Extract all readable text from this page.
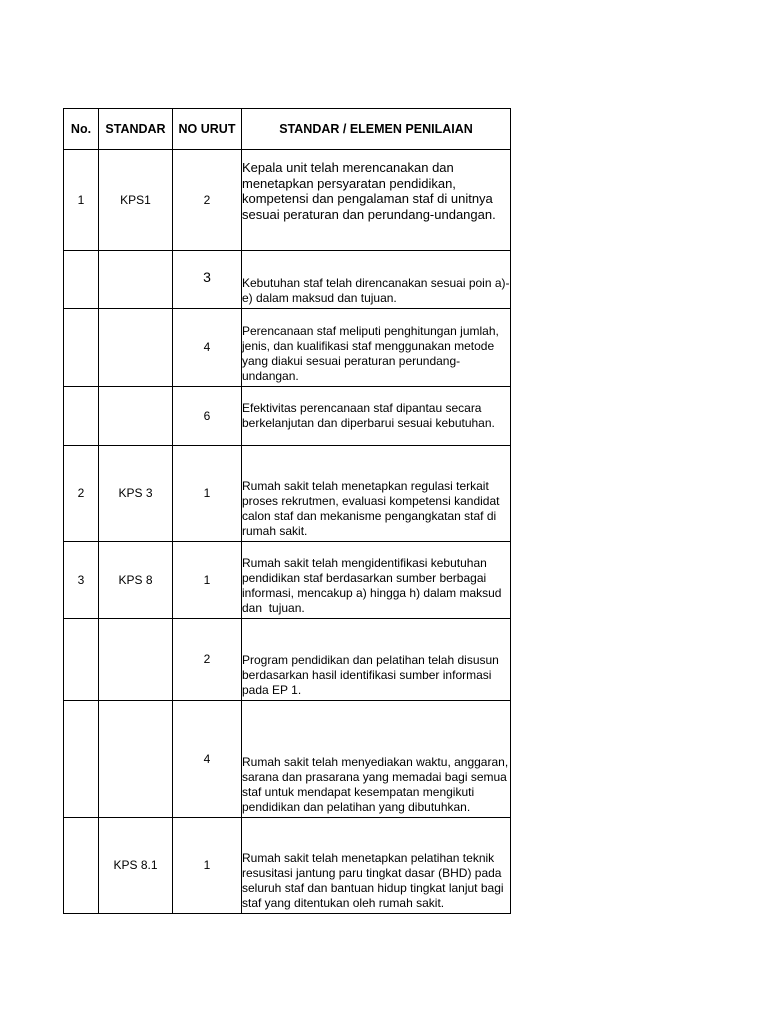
No.	STANDAR	NO URUT	STANDAR / ELEMEN PENILAIAN
1	KPS1	2	Kepala unit telah merencanakan dan menetapkan persyaratan pendidikan, kompetensi dan pengalaman staf di unitnya sesuai peraturan dan perundang-undangan.
		3	Kebutuhan staf telah direncanakan sesuai poin a)- e) dalam maksud dan tujuan.
		4	Perencanaan staf meliputi penghitungan jumlah, jenis, dan kualifikasi staf menggunakan metode yang diakui sesuai peraturan perundang-undangan.
		6	Efektivitas perencanaan staf dipantau secara berkelanjutan dan diperbarui sesuai kebutuhan.
2	KPS 3	1	Rumah sakit telah menetapkan regulasi terkait proses rekrutmen, evaluasi kompetensi kandidat calon staf dan mekanisme pengangkatan staf di rumah sakit.
3	KPS 8	1	Rumah sakit telah mengidentifikasi kebutuhan pendidikan staf berdasarkan sumber berbagai    informasi, mencakup a) hingga h) dalam maksud  dan  tujuan.
		2	Program pendidikan dan pelatihan telah disusun berdasarkan hasil identifikasi sumber informasi pada EP 1.
		4	Rumah sakit telah menyediakan waktu, anggaran, sarana dan prasarana yang memadai bagi semua staf untuk mendapat kesempatan mengikuti pendidikan dan pelatihan yang dibutuhkan.
	KPS 8.1	1	Rumah sakit telah menetapkan pelatihan teknik resusitasi jantung paru tingkat dasar (BHD) pada seluruh staf dan bantuan hidup tingkat lanjut bagi staf yang ditentukan oleh rumah sakit.
